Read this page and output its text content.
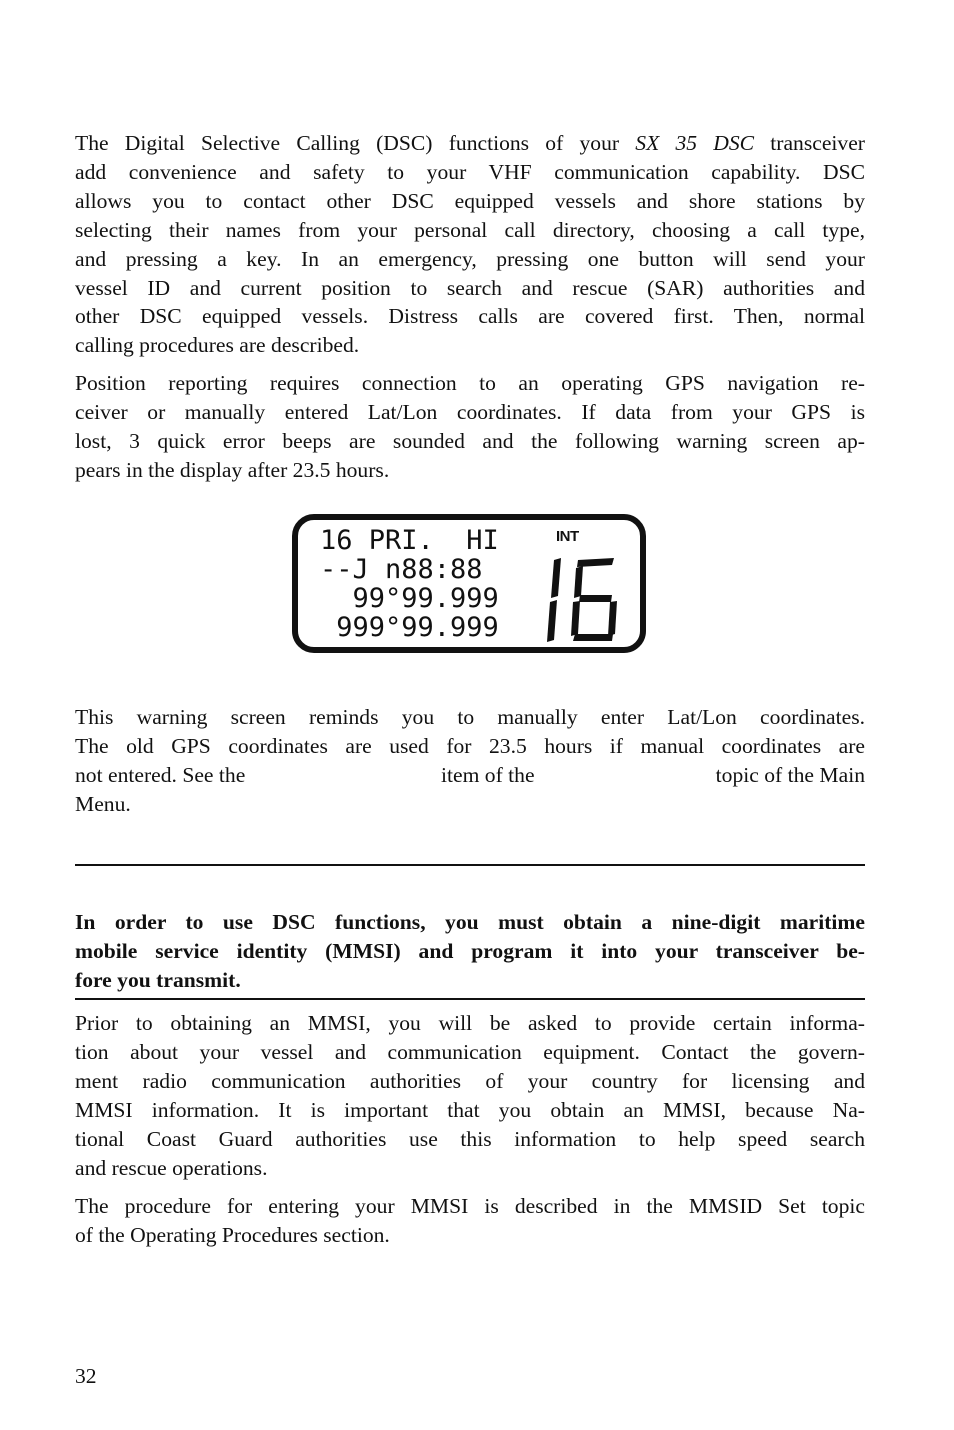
The Digital Selective Calling (DSC) functions of your SX 35 DSC transceiver
add convenience and safety to your VHF communication capability. DSC
allows you to contact other DSC equipped vessels and shore stations by
selecting their names from your personal call directory, choosing a call type,
and pressing a key. In an emergency, pressing one button will send your
vessel ID and current position to search and rescue (SAR) authorities and
other DSC equipped vessels. Distress calls are covered first. Then, normal
calling procedures are described.
Position reporting requires connection to an operating GPS navigation re-
ceiver or manually entered Lat/Lon coordinates. If data from your GPS is
lost, 3 quick error beeps are sounded and the following warning screen ap-
pears in the display after 23.5 hours.
16 PRI.  HI
--J n88:88
99°99.999
999°99.999
INT
This warning screen reminds you to manually enter Lat/Lon coordinates.
The old GPS coordinates are used for 23.5 hours if manual coordinates are
not entered. See the	item of the	topic of the Main
Menu.
In order to use DSC functions, you must obtain a nine-digit maritime
mobile service identity (MMSI) and program it into your transceiver be-
fore you transmit.
Prior to obtaining an MMSI, you will be asked to provide certain informa-
tion about your vessel and communication equipment. Contact the govern-
ment radio communication authorities of your country for licensing and
MMSI information. It is important that you obtain an MMSI, because Na-
tional Coast Guard authorities use this information to help speed search
and rescue operations.
The procedure for entering your MMSI is described in the MMSID Set topic
of the Operating Procedures section.
32
